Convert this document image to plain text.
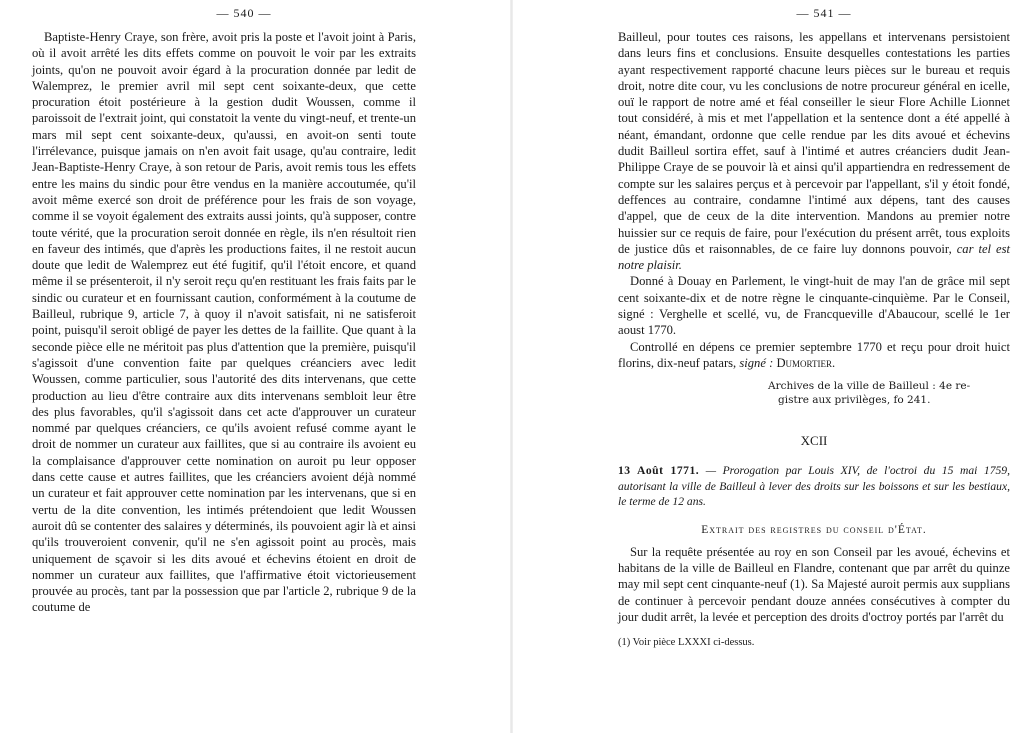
— 540 —

Baptiste-Henry Craye, son frère, avoit pris la poste et l'avoit joint à Paris, où il avoit arrêté les dits effets comme on pouvoit le voir par les extraits joints, qu'on ne pouvoit avoir égard à la procuration donnée par ledit de Walemprez, le premier avril mil sept cent soixante-deux, que cette procuration étoit postérieure à la gestion dudit Woussen, comme il paroissoit de l'extrait joint, qui constatoit la vente du vingt-neuf, et trente-un mars mil sept cent soixante-deux, qu'aussi, en avoit-on senti toute l'irrélevance, puisque jamais on n'en avoit fait usage, qu'au contraire, ledit Jean-Baptiste-Henry Craye, à son retour de Paris, avoit remis tous les effets entre les mains du sindic pour être vendus en la manière accoutumée, qu'il avoit même exercé son droit de préférence pour les frais de son voyage, comme il se voyoit également des extraits aussi joints, qu'à supposer, contre toute vérité, que la procuration seroit donnée en règle, ils n'en résultoit rien en faveur des intimés, que d'après les productions faites, il ne restoit aucun doute que ledit de Walemprez eut été fugitif, qu'il l'étoit encore, et quand même il se présenteroit, il n'y seroit reçu qu'en restituant les frais faits par le sindic ou curateur et en fournissant caution, conformément à la coutume de Bailleul, rubrique 9, article 7, à quoy il n'avoit satisfait, ni ne satisferoit point, puisqu'il seroit obligé de payer les dettes de la faillite. Que quant à la seconde pièce elle ne méritoit pas plus d'attention que la première, puisqu'il s'agissoit d'une convention faite par quelques créanciers avec ledit Woussen, comme particulier, sous l'autorité des dits intervenans, que cette production au lieu d'être contraire aux dits intervenans sembloit leur être des plus favorables, qu'il s'agissoit dans cet acte d'approuver un curateur nommé par quelques créanciers, ce qu'ils avoient refusé comme ayant le droit de nommer un curateur aux faillites, que si au contraire ils avoient eu la complaisance d'approuver cette nomination on auroit pu leur opposer dans cette cause et autres faillites, que les créanciers avoient déjà nommé un curateur et fait approuver cette nomination par les intervenans, que si en vertu de la dite convention, les intimés prétendoient que ledit Woussen auroit dû se contenter des salaires y déterminés, ils pouvoient agir là et ainsi qu'ils trouveroient convenir, qu'il ne s'en agissoit point au procès, mais uniquement de sçavoir si les dits avoué et échevins étoient en droit de nommer un curateur aux faillites, que l'affirmative étoit victorieusement prouvée au procès, tant par la possession que par l'article 2, rubrique 9 de la coutume de

— 541 —

Bailleul, pour toutes ces raisons, les appellans et intervenans persistoient dans leurs fins et conclusions. Ensuite desquelles contestations les parties ayant respectivement rapporté chacune leurs pièces sur le bureau et requis droit, notre dite cour, vu les conclusions de notre procureur général en icelle, ouï le rapport de notre amé et féal conseiller le sieur Flore Achille Lionnet tout considéré, à mis et met l'appellation et la sentence dont a été appellé à néant, émandant, ordonne que celle rendue par les dits avoué et échevins dudit Bailleul sortira effet, sauf à l'intimé et autres créanciers dudit Jean-Philippe Craye de se pouvoir là et ainsi qu'il appartiendra en redressement de compte sur les salaires perçus et à percevoir par l'appellant, s'il y étoit fondé, deffences au contraire, condamne l'intimé aux dépens, tant des causes d'appel, que de ceux de la dite intervention. Mandons au premier notre huissier sur ce requis de faire, pour l'exécution du présent arrêt, tous exploits de justice dûs et raisonnables, de ce faire luy donnons pouvoir, car tel est notre plaisir.

Donné à Douay en Parlement, le vingt-huit de may l'an de grâce mil sept cent soixante-dix et de notre règne le cinquante-cinquième. Par le Conseil, signé : Verghelle et scellé, vu, de Francqueville d'Abaucour, scellé le 1er aoust 1770.

Controllé en dépens ce premier septembre 1770 et reçu pour droit huict florins, dix-neuf patars, signé : Dumortier.

Archives de la ville de Bailleul : 4e re-
gistre aux privilèges, fo 241.
XCII

13 Août 1771. — Prorogation par Louis XIV, de l'octroi du 15 mai 1759, autorisant la ville de Bailleul à lever des droits sur les boissons et sur les bestiaux, le terme de 12 ans.

Extrait des registres du conseil d'État.

Sur la requête présentée au roy en son Conseil par les avoué, échevins et habitans de la ville de Bailleul en Flandre, contenant que par arrêt du quinze may mil sept cent cinquante-neuf (1). Sa Majesté auroit permis aux supplians de continuer à percevoir pendant douze années consécutives à compter du jour dudit arrêt, la levée et perception des droits d'octroy portés par l'arrêt du

(1) Voir pièce LXXXI ci-dessus.
